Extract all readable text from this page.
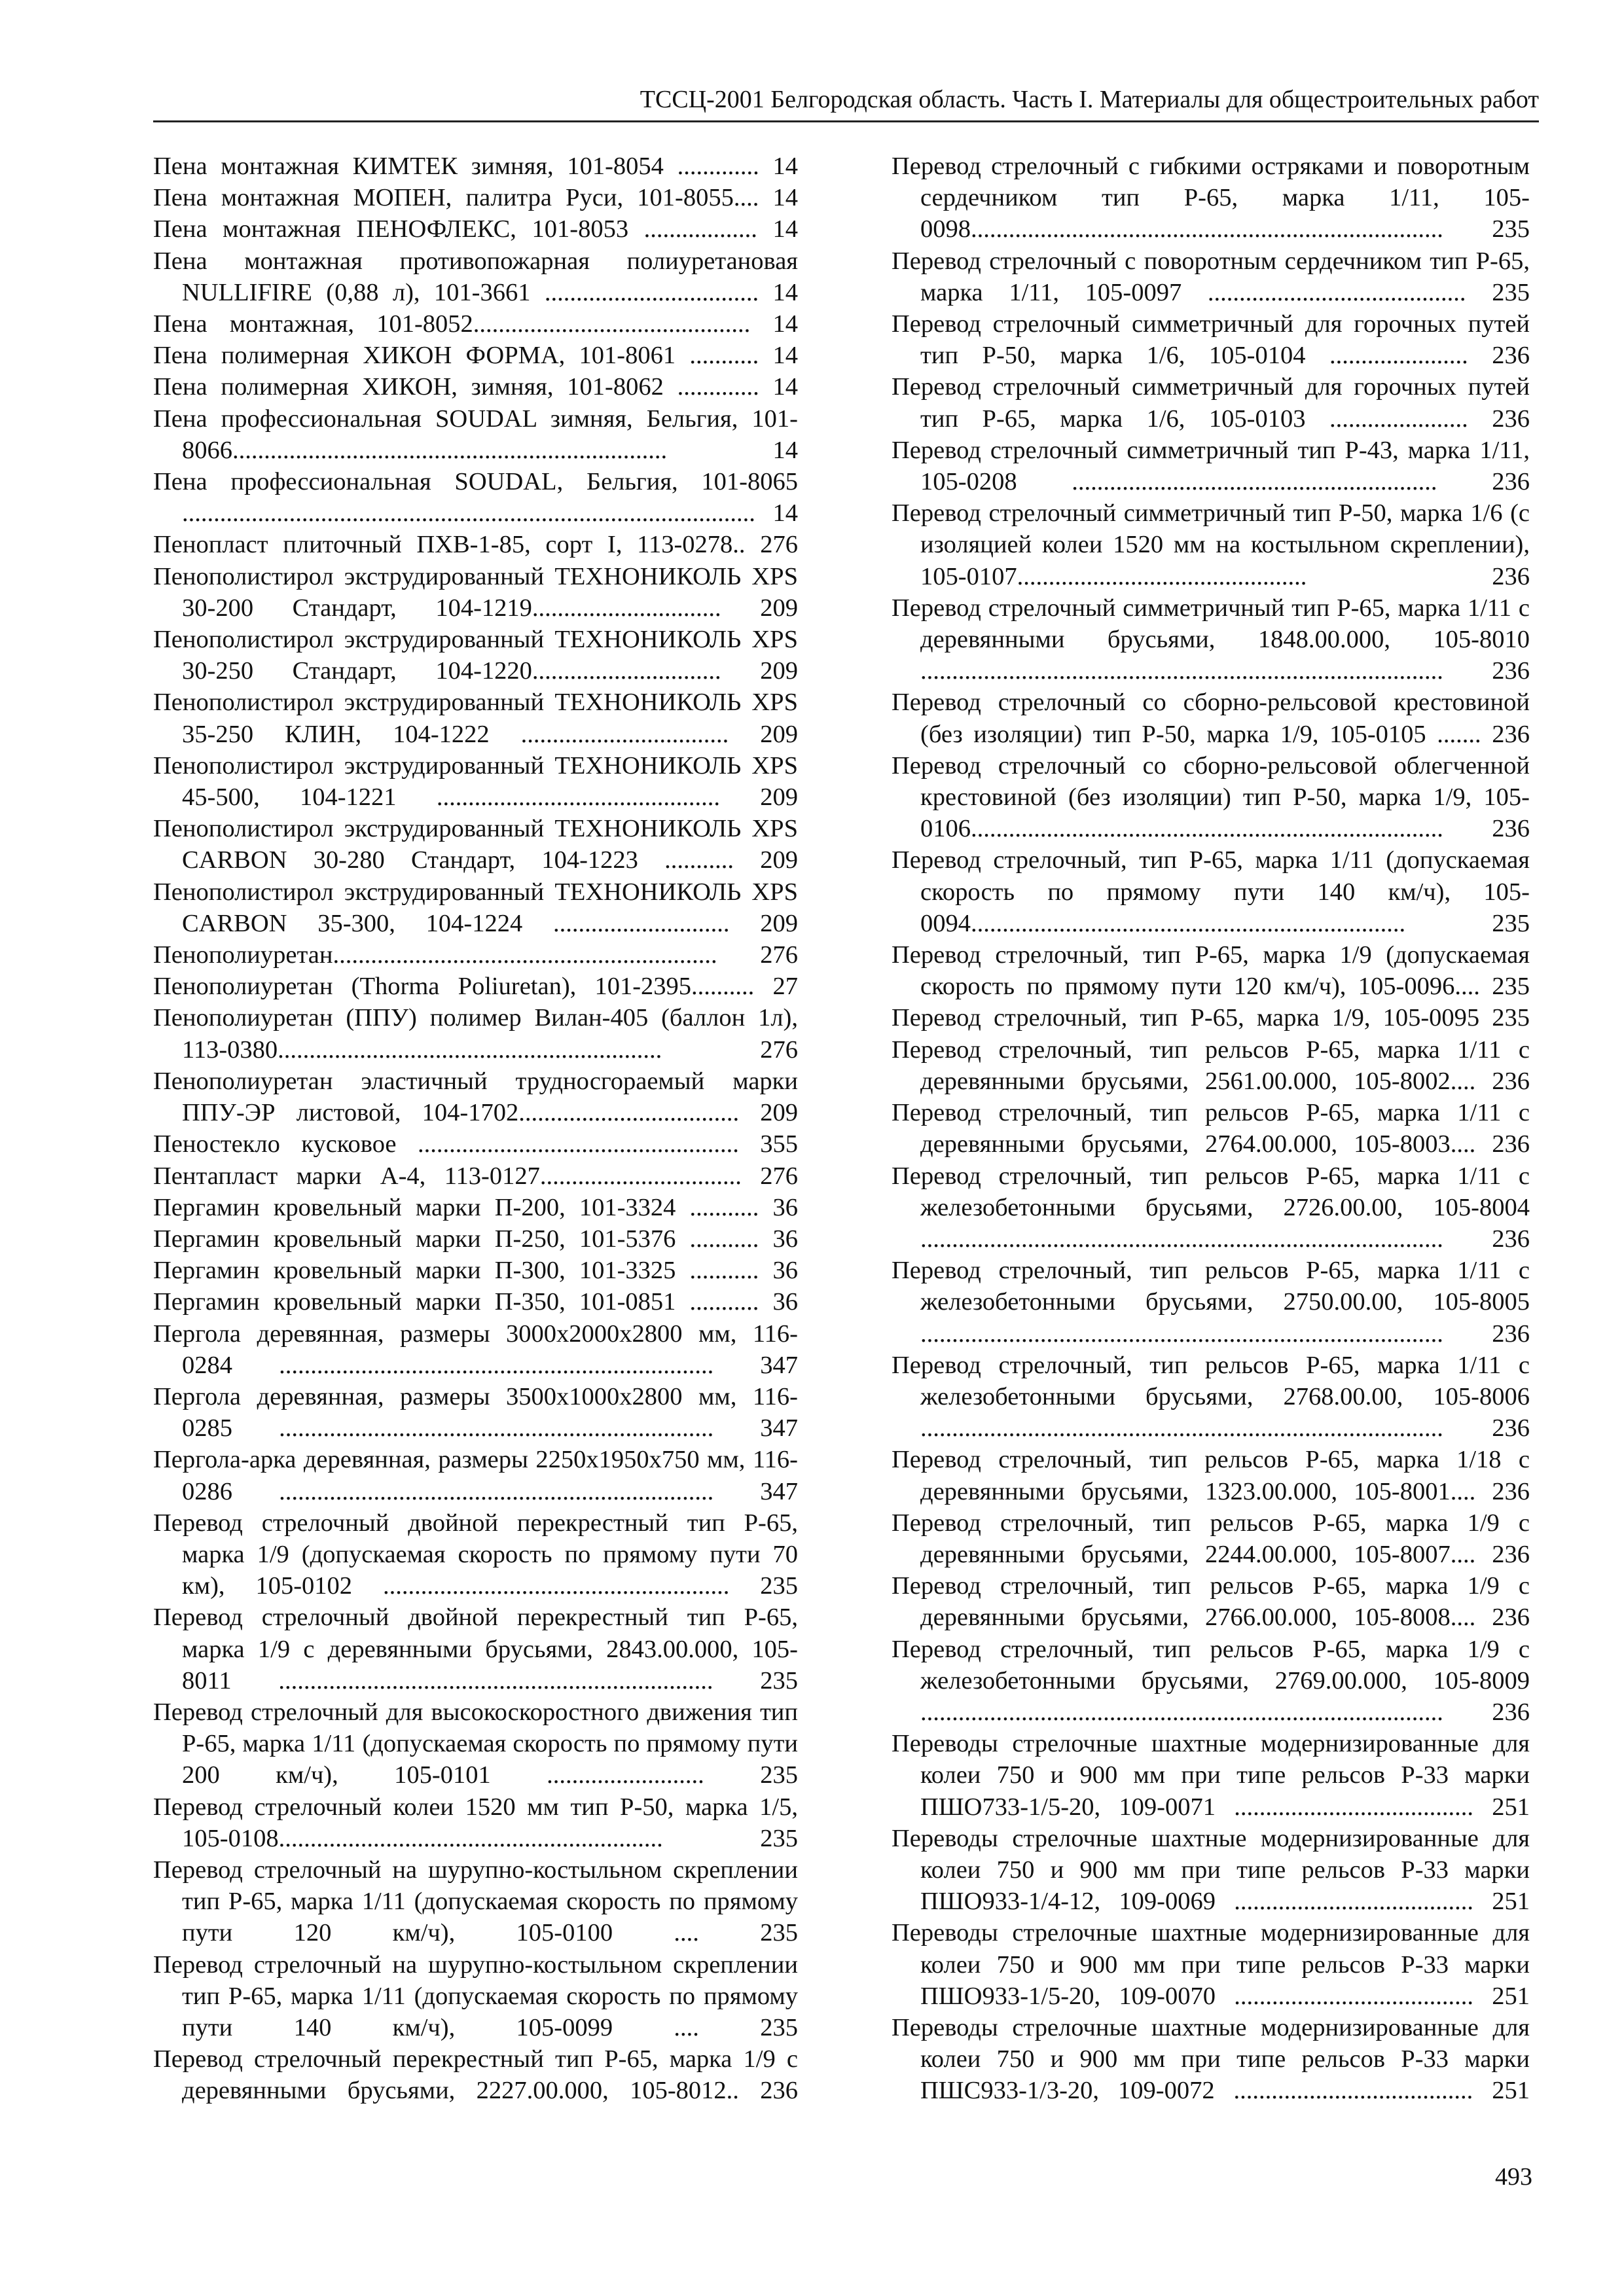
ТССЦ-2001 Белгородская область. Часть I. Материалы для общестроительных работ
Пена монтажная КИМТЕК зимняя, 101-8054 ............. 14
Пена монтажная МОПЕН, палитра Руси, 101-8055.... 14
Пена монтажная ПЕНОФЛЕКС, 101-8053 .................. 14
Пена монтажная противопожарная полиуретановая NULLIFIRE (0,88 л), 101-3661 .................................. 14
Пена монтажная, 101-8052............................................ 14
Пена полимерная ХИКОН ФОРМА, 101-8061 ........... 14
Пена полимерная ХИКОН, зимняя, 101-8062 ............. 14
Пена профессиональная SOUDAL зимняя, Бельгия, 101-8066..................................................................... 14
Пена профессиональная SOUDAL, Бельгия, 101-8065 ........................................................................................... 14
Пенопласт плиточный ПХВ-1-85, сорт I, 113-0278.. 276
Пенополистирол экструдированный ТЕХНОНИКОЛЬ XPS 30-200 Стандарт, 104-1219.............................. 209
Пенополистирол экструдированный ТЕХНОНИКОЛЬ XPS 30-250 Стандарт, 104-1220.............................. 209
Пенополистирол экструдированный ТЕХНОНИКОЛЬ XPS 35-250 КЛИН, 104-1222 ................................. 209
Пенополистирол экструдированный ТЕХНОНИКОЛЬ XPS 45-500, 104-1221 ............................................. 209
Пенополистирол экструдированный ТЕХНОНИКОЛЬ XPS CARBON 30-280 Стандарт, 104-1223 ........... 209
Пенополистирол экструдированный ТЕХНОНИКОЛЬ XPS CARBON 35-300, 104-1224 ............................ 209
Пенополиуретан............................................................. 276
Пенополиуретан (Thorma Poliuretan), 101-2395.......... 27
Пенополиуретан (ППУ) полимер Вилан-405 (баллон 1л), 113-0380............................................................. 276
Пенополиуретан эластичный трудносгораемый марки ППУ-ЭР листовой, 104-1702................................... 209
Пеностекло кусковое ................................................... 355
Пентапласт марки А-4, 113-0127................................ 276
Пергамин кровельный марки П-200, 101-3324 ........... 36
Пергамин кровельный марки П-250, 101-5376 ........... 36
Пергамин кровельный марки П-300, 101-3325 ........... 36
Пергамин кровельный марки П-350, 101-0851 ........... 36
Пергола деревянная, размеры 3000x2000x2800 мм, 116-0284 ..................................................................... 347
Пергола деревянная, размеры 3500x1000x2800 мм, 116-0285 ..................................................................... 347
Пергола-арка деревянная, размеры 2250x1950x750 мм, 116-0286 ..................................................................... 347
Перевод стрелочный двойной перекрестный тип Р-65, марка 1/9 (допускаемая скорость по прямому пути 70 км), 105-0102 ....................................................... 235
Перевод стрелочный двойной перекрестный тип Р-65, марка 1/9 с деревянными брусьями, 2843.00.000, 105-8011 ..................................................................... 235
Перевод стрелочный для высокоскоростного движения тип Р-65, марка 1/11 (допускаемая скорость по прямому пути 200 км/ч), 105-0101 ......................... 235
Перевод стрелочный колеи 1520 мм тип Р-50, марка 1/5, 105-0108............................................................. 235
Перевод стрелочный на шурупно-костыльном скреплении тип Р-65, марка 1/11 (допускаемая скорость по прямому пути 120 км/ч), 105-0100 .... 235
Перевод стрелочный на шурупно-костыльном скреплении тип Р-65, марка 1/11 (допускаемая скорость по прямому пути 140 км/ч), 105-0099 .... 235
Перевод стрелочный перекрестный тип Р-65, марка 1/9 с деревянными брусьями, 2227.00.000, 105-8012.. 236
Перевод стрелочный с гибкими остряками и поворотным сердечником тип Р-65, марка 1/11, 105-0098........................................................................... 235
Перевод стрелочный с поворотным сердечником тип Р-65, марка 1/11, 105-0097 ......................................... 235
Перевод стрелочный симметричный для горочных путей тип Р-50, марка 1/6, 105-0104 ...................... 236
Перевод стрелочный симметричный для горочных путей тип Р-65, марка 1/6, 105-0103 ...................... 236
Перевод стрелочный симметричный тип Р-43, марка 1/11, 105-0208 .......................................................... 236
Перевод стрелочный симметричный тип Р-50, марка 1/6 (с изоляцией колеи 1520 мм на костыльном скреплении), 105-0107.............................................. 236
Перевод стрелочный симметричный тип Р-65, марка 1/11 с деревянными брусьями, 1848.00.000, 105-8010 ................................................................................... 236
Перевод стрелочный со сборно-рельсовой крестовиной (без изоляции) тип Р-50, марка 1/9, 105-0105 ....... 236
Перевод стрелочный со сборно-рельсовой облегченной крестовиной (без изоляции) тип Р-50, марка 1/9, 105-0106........................................................................... 236
Перевод стрелочный, тип Р-65, марка 1/11 (допускаемая скорость по прямому пути 140 км/ч), 105-0094..................................................................... 235
Перевод стрелочный, тип Р-65, марка 1/9 (допускаемая скорость по прямому пути 120 км/ч), 105-0096.... 235
Перевод стрелочный, тип Р-65, марка 1/9, 105-0095 235
Перевод стрелочный, тип рельсов Р-65, марка 1/11 с деревянными брусьями, 2561.00.000, 105-8002.... 236
Перевод стрелочный, тип рельсов Р-65, марка 1/11 с деревянными брусьями, 2764.00.000, 105-8003.... 236
Перевод стрелочный, тип рельсов Р-65, марка 1/11 с железобетонными брусьями, 2726.00.00, 105-8004 ................................................................................... 236
Перевод стрелочный, тип рельсов Р-65, марка 1/11 с железобетонными брусьями, 2750.00.00, 105-8005 ................................................................................... 236
Перевод стрелочный, тип рельсов Р-65, марка 1/11 с железобетонными брусьями, 2768.00.00, 105-8006 ................................................................................... 236
Перевод стрелочный, тип рельсов Р-65, марка 1/18 с деревянными брусьями, 1323.00.000, 105-8001.... 236
Перевод стрелочный, тип рельсов Р-65, марка 1/9 с деревянными брусьями, 2244.00.000, 105-8007.... 236
Перевод стрелочный, тип рельсов Р-65, марка 1/9 с деревянными брусьями, 2766.00.000, 105-8008.... 236
Перевод стрелочный, тип рельсов Р-65, марка 1/9 с железобетонными брусьями, 2769.00.000, 105-8009 ................................................................................... 236
Переводы стрелочные шахтные модернизированные для колеи 750 и 900 мм при типе рельсов Р-33 марки ПШО733-1/5-20, 109-0071 ...................................... 251
Переводы стрелочные шахтные модернизированные для колеи 750 и 900 мм при типе рельсов Р-33 марки ПШО933-1/4-12, 109-0069 ...................................... 251
Переводы стрелочные шахтные модернизированные для колеи 750 и 900 мм при типе рельсов Р-33 марки ПШО933-1/5-20, 109-0070 ...................................... 251
Переводы стрелочные шахтные модернизированные для колеи 750 и 900 мм при типе рельсов Р-33 марки ПШС933-1/3-20, 109-0072 ...................................... 251
493
